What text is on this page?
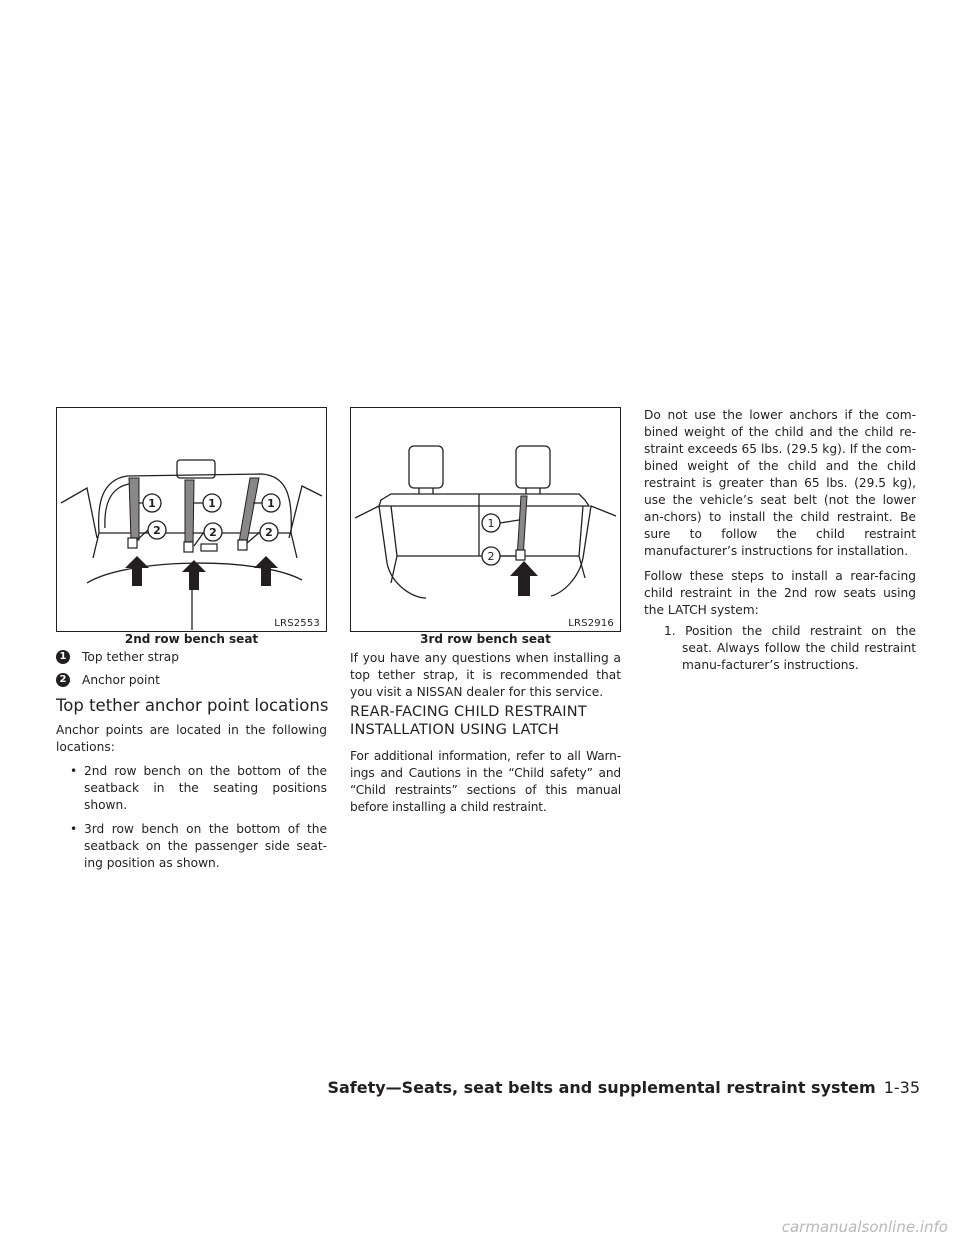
1	1	1
2	2	2
LRS2553
2nd row bench seat
1 Top tether strap
2 Anchor point
Top tether anchor point locations

Anchor points are located in the following locations:

• 2nd row bench on the bottom of the seatback in the seating positions shown.
• 3rd row bench on the bottom of the seatback on the passenger side seat-ing position as shown.
1
2
LRS2916
3rd row bench seat
If you have any questions when installing a top tether strap, it is recommended that you visit a NISSAN dealer for this service.
REAR-FACING CHILD RESTRAINT INSTALLATION USING LATCH
For additional information, refer to all Warn-ings and Cautions in the “Child safety” and “Child restraints” sections of this manual before installing a child restraint.

Do not use the lower anchors if the com-bined weight of the child and the child re-straint exceeds 65 lbs. (29.5 kg). If the com-bined weight of the child and the child restraint is greater than 65 lbs. (29.5 kg), use the vehicle’s seat belt (not the lower an-chors) to install the child restraint. Be sure to follow the child restraint manufacturer’s instructions for installation.

Follow these steps to install a rear-facing child restraint in the 2nd row seats using the LATCH system:

1. Position the child restraint on the seat. Always follow the child restraint manu-facturer’s instructions.

Safety—Seats, seat belts and supplemental restraint system 1-35
carmanualsonline.info
